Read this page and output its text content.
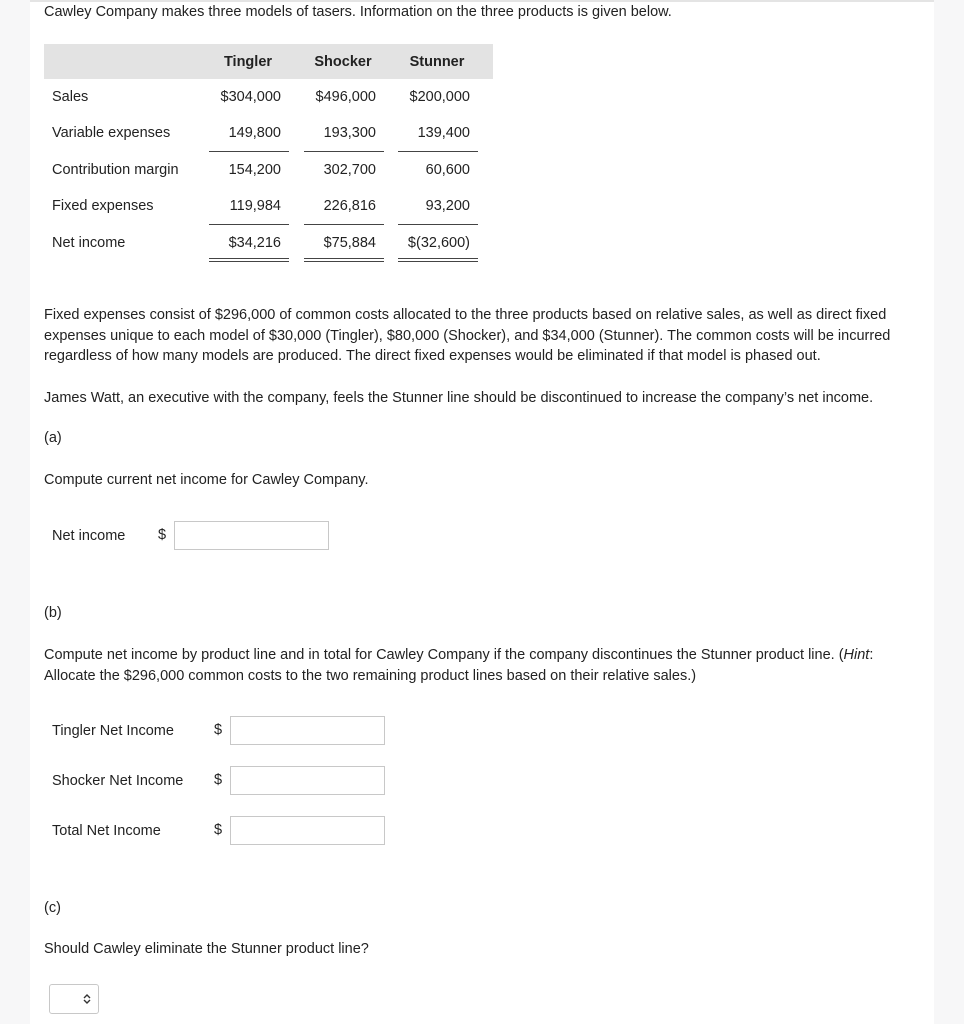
Cawley Company makes three models of tasers. Information on the three products is given below.
Tingler	Shocker	Stunner
Sales	$304,000	$496,000	$200,000
Variable expenses	149,800	193,300	139,400
Contribution margin	154,200	302,700	60,600
Fixed expenses	119,984	226,816	93,200
Net income	$34,216	$75,884	$(32,600)
Fixed expenses consist of $296,000 of common costs allocated to the three products based on relative sales, as well as direct fixed expenses unique to each model of $30,000 (Tingler), $80,000 (Shocker), and $34,000 (Stunner). The common costs will be incurred regardless of how many models are produced. The direct fixed expenses would be eliminated if that model is phased out.
James Watt, an executive with the company, feels the Stunner line should be discontinued to increase the company’s net income.
(a)
Compute current net income for Cawley Company.
Net income $
(b)
Compute net income by product line and in total for Cawley Company if the company discontinues the Stunner product line. (Hint: Allocate the $296,000 common costs to the two remaining product lines based on their relative sales.)
Tingler Net Income	$
Shocker Net Income $
Total Net Income	$
(c)
Should Cawley eliminate the Stunner product line?
